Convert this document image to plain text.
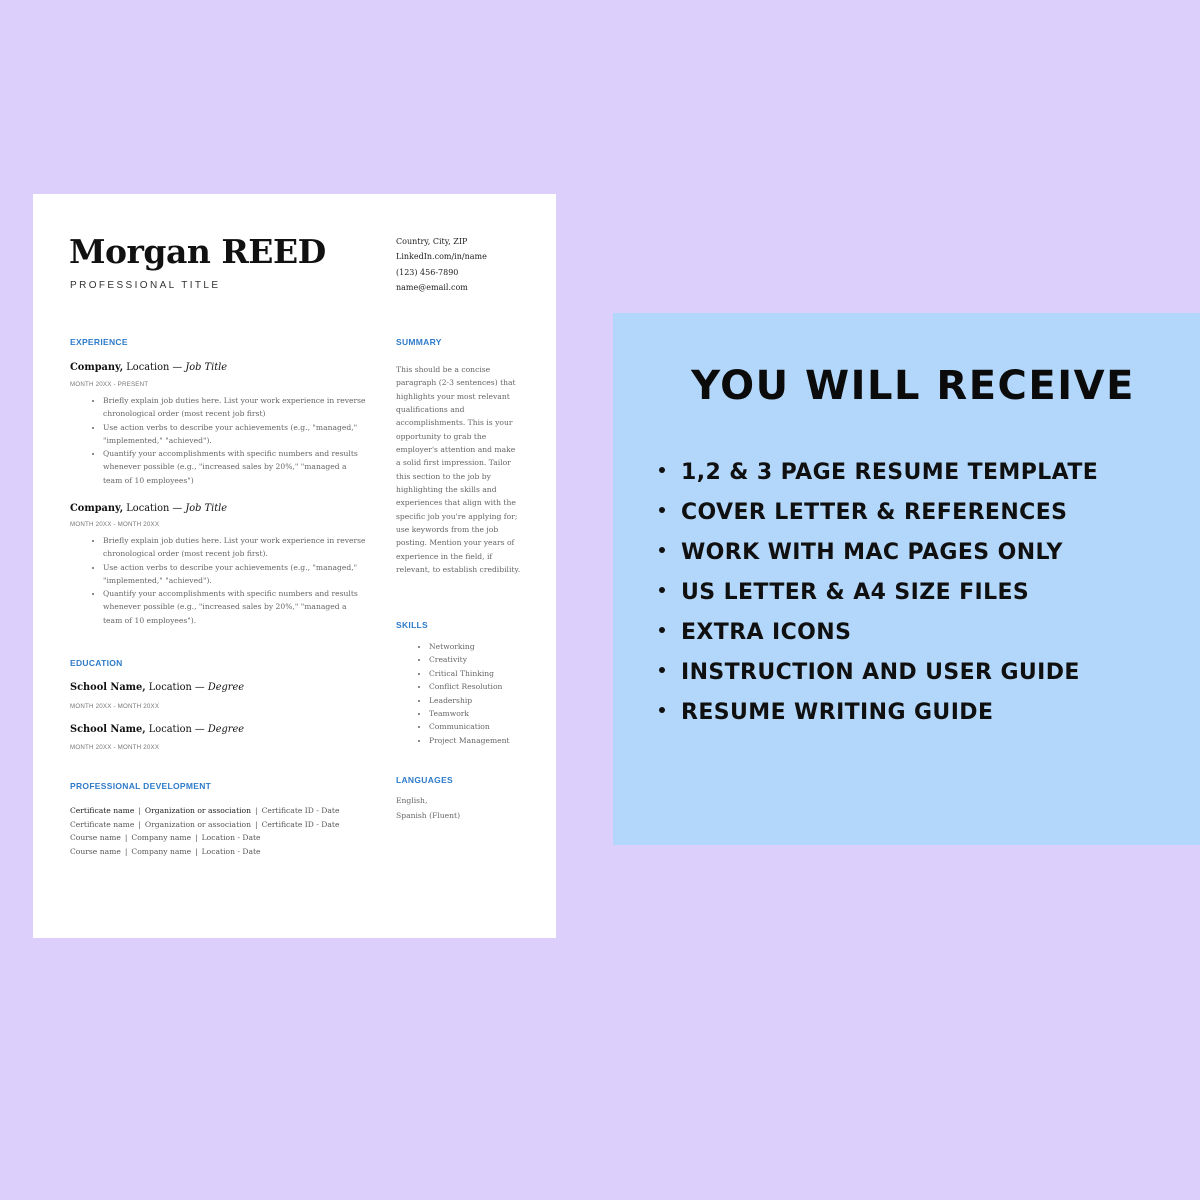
Morgan REED
PROFESSIONAL TITLE
Country, City, ZIP
LinkedIn.com/in/name
(123) 456-7890
name@email.com
EXPERIENCE
Company, Location — Job Title
MONTH 20XX - PRESENT
• Briefly explain job duties here. List your work experience in reverse chronological order (most recent job first)
• Use action verbs to describe your achievements (e.g., "managed," "implemented," "achieved").
• Quantify your accomplishments with specific numbers and results whenever possible (e.g., "increased sales by 20%," "managed a team of 10 employees")
Company, Location — Job Title
MONTH 20XX - MONTH 20XX
• Briefly explain job duties here. List your work experience in reverse chronological order (most recent job first).
• Use action verbs to describe your achievements (e.g., "managed," "implemented," "achieved").
• Quantify your accomplishments with specific numbers and results whenever possible (e.g., "increased sales by 20%," "managed a team of 10 employees").
EDUCATION
School Name, Location — Degree
MONTH 20XX - MONTH 20XX
School Name, Location — Degree
MONTH 20XX - MONTH 20XX
PROFESSIONAL DEVELOPMENT
Certificate name | Organization or association | Certificate ID - Date
Certificate name | Organization or association | Certificate ID - Date
Course name | Company name | Location - Date
Course name | Company name | Location - Date
SUMMARY
This should be a concise paragraph (2-3 sentences) that highlights your most relevant qualifications and accomplishments. This is your opportunity to grab the employer's attention and make a solid first impression. Tailor this section to the job by highlighting the skills and experiences that align with the specific job you're applying for; use keywords from the job posting. Mention your years of experience in the field, if relevant, to establish credibility.
SKILLS
• Networking
• Creativity
• Critical Thinking
• Conflict Resolution
• Leadership
• Teamwork
• Communication
• Project Management
LANGUAGES
English,
Spanish (Fluent)
YOU WILL RECEIVE
1,2 & 3 PAGE RESUME TEMPLATE
COVER LETTER & REFERENCES
WORK WITH MAC PAGES ONLY
US LETTER & A4 SIZE FILES
EXTRA ICONS
INSTRUCTION AND USER GUIDE
RESUME WRITING GUIDE
